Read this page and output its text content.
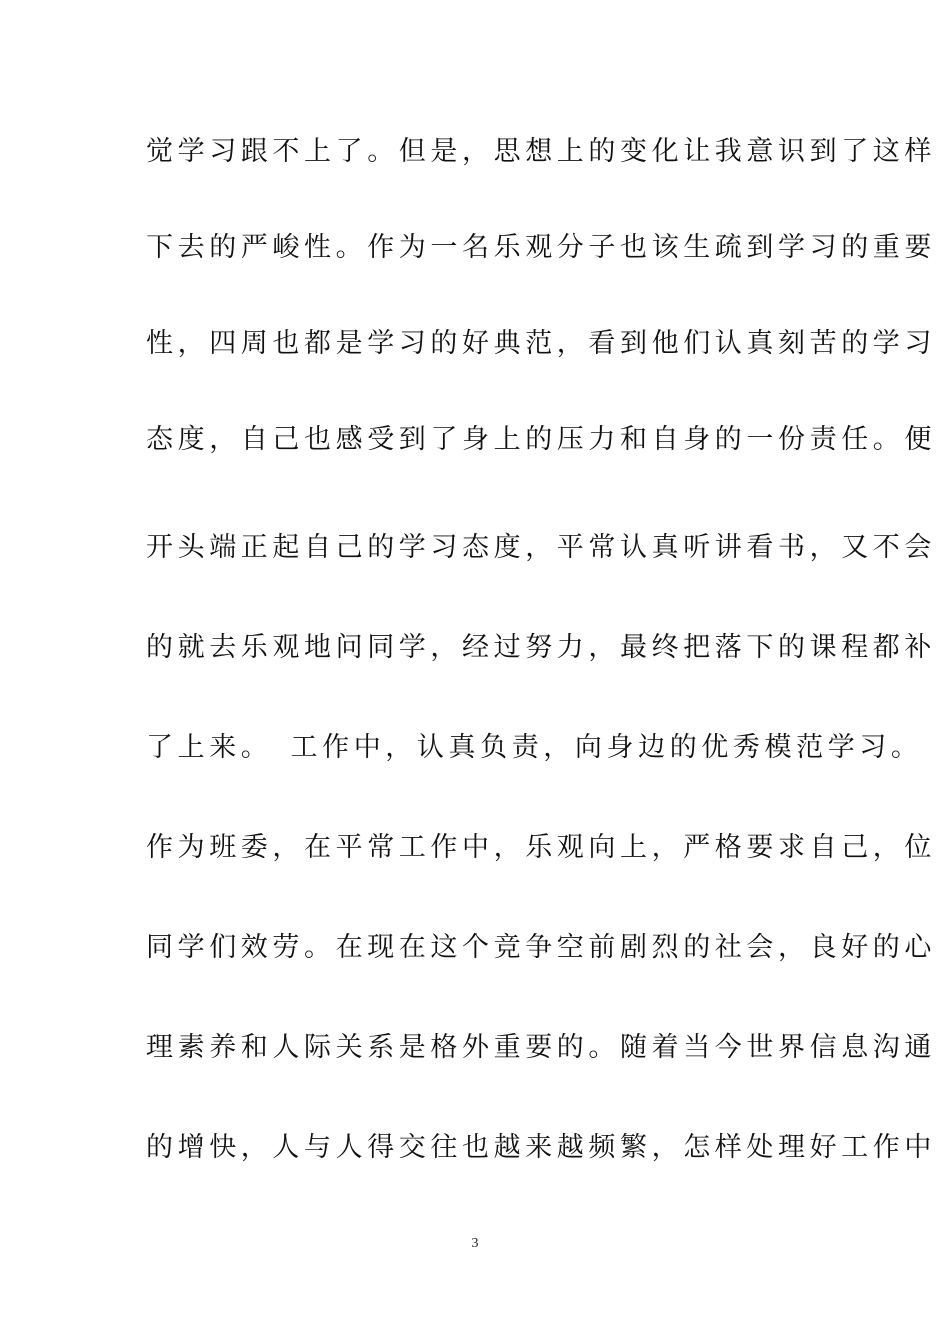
觉学习跟不上了。但是，思想上的变化让我意识到了这样
下去的严峻性。作为一名乐观分子也该生疏到学习的重要
性，四周也都是学习的好典范，看到他们认真刻苦的学习
态度，自己也感受到了身上的压力和自身的一份责任。便
开头端正起自己的学习态度，平常认真听讲看书，又不会
的就去乐观地问同学，经过努力，最终把落下的课程都补
了上来。　工作中，认真负责，向身边的优秀模范学习。
作为班委，在平常工作中，乐观向上，严格要求自己，位
同学们效劳。在现在这个竞争空前剧烈的社会，良好的心
理素养和人际关系是格外重要的。随着当今世界信息沟通
的增快，人与人得交往也越来越频繁，怎样处理好工作中
3
